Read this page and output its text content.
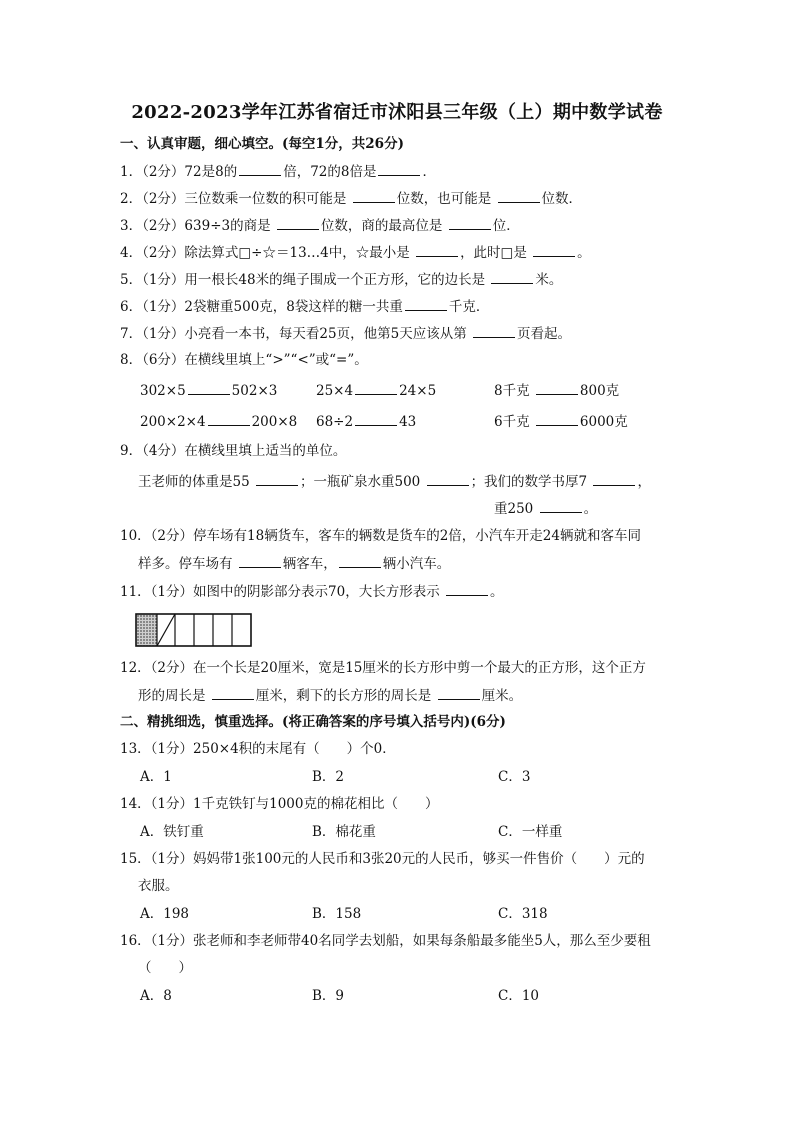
2022-2023学年江苏省宿迁市沭阳县三年级（上）期中数学试卷
一、认真审题，细心填空。(每空1分，共26分)
1．（2分）72是8的	倍，72的8倍是	．
2．（2分）三位数乘一位数的积可能是	位数，也可能是	位数．
3．（2分）639÷3的商是	位数，商的最高位是	位．
4．（2分）除法算式□÷☆＝13…4中，☆最小是	，此时□是	。
5．（1分）用一根长48米的绳子围成一个正方形，它的边长是	米。
6．（1分）2袋糖重500克，8袋这样的糖一共重	千克．
7．（1分）小亮看一本书，每天看25页，他第5天应该从第	页看起。
8．（6分）在横线里填上“>”“<”或“=”。
302×5	502×3	25×4	24×5	8千克	800克
200×2×4	200×8 68÷2	43	6千克	6000克
9．（4分）在横线里填上适当的单位。
王老师的体重是55	；一瓶矿泉水重500	；我们的数学书厚7	，
重250	。
10．（2分）停车场有18辆货车，客车的辆数是货车的2倍，小汽车开走24辆就和客车同
样多。停车场有	辆客车，	辆小汽车。
11．（1分）如图中的阴影部分表示70，大长方形表示	。
12．（2分）在一个长是20厘米，宽是15厘米的长方形中剪一个最大的正方形，这个正方
形的周长是	厘米，剩下的长方形的周长是	厘米。
二、精挑细选，慎重选择。(将正确答案的序号填入括号内)(6分)
13．（1分）250×4积的末尾有（　　）个0．
A．1	B．2	C．3
14．（1分）1千克铁钉与1000克的棉花相比（　　）
A．铁钉重	B．棉花重	C．一样重
15．（1分）妈妈带1张100元的人民币和3张20元的人民币，够买一件售价（　　）元的
衣服。
A．198	B．158	C．318
16．（1分）张老师和李老师带40名同学去划船，如果每条船最多能坐5人，那么至少要租
（　　）
A．8	B．9	C．10
